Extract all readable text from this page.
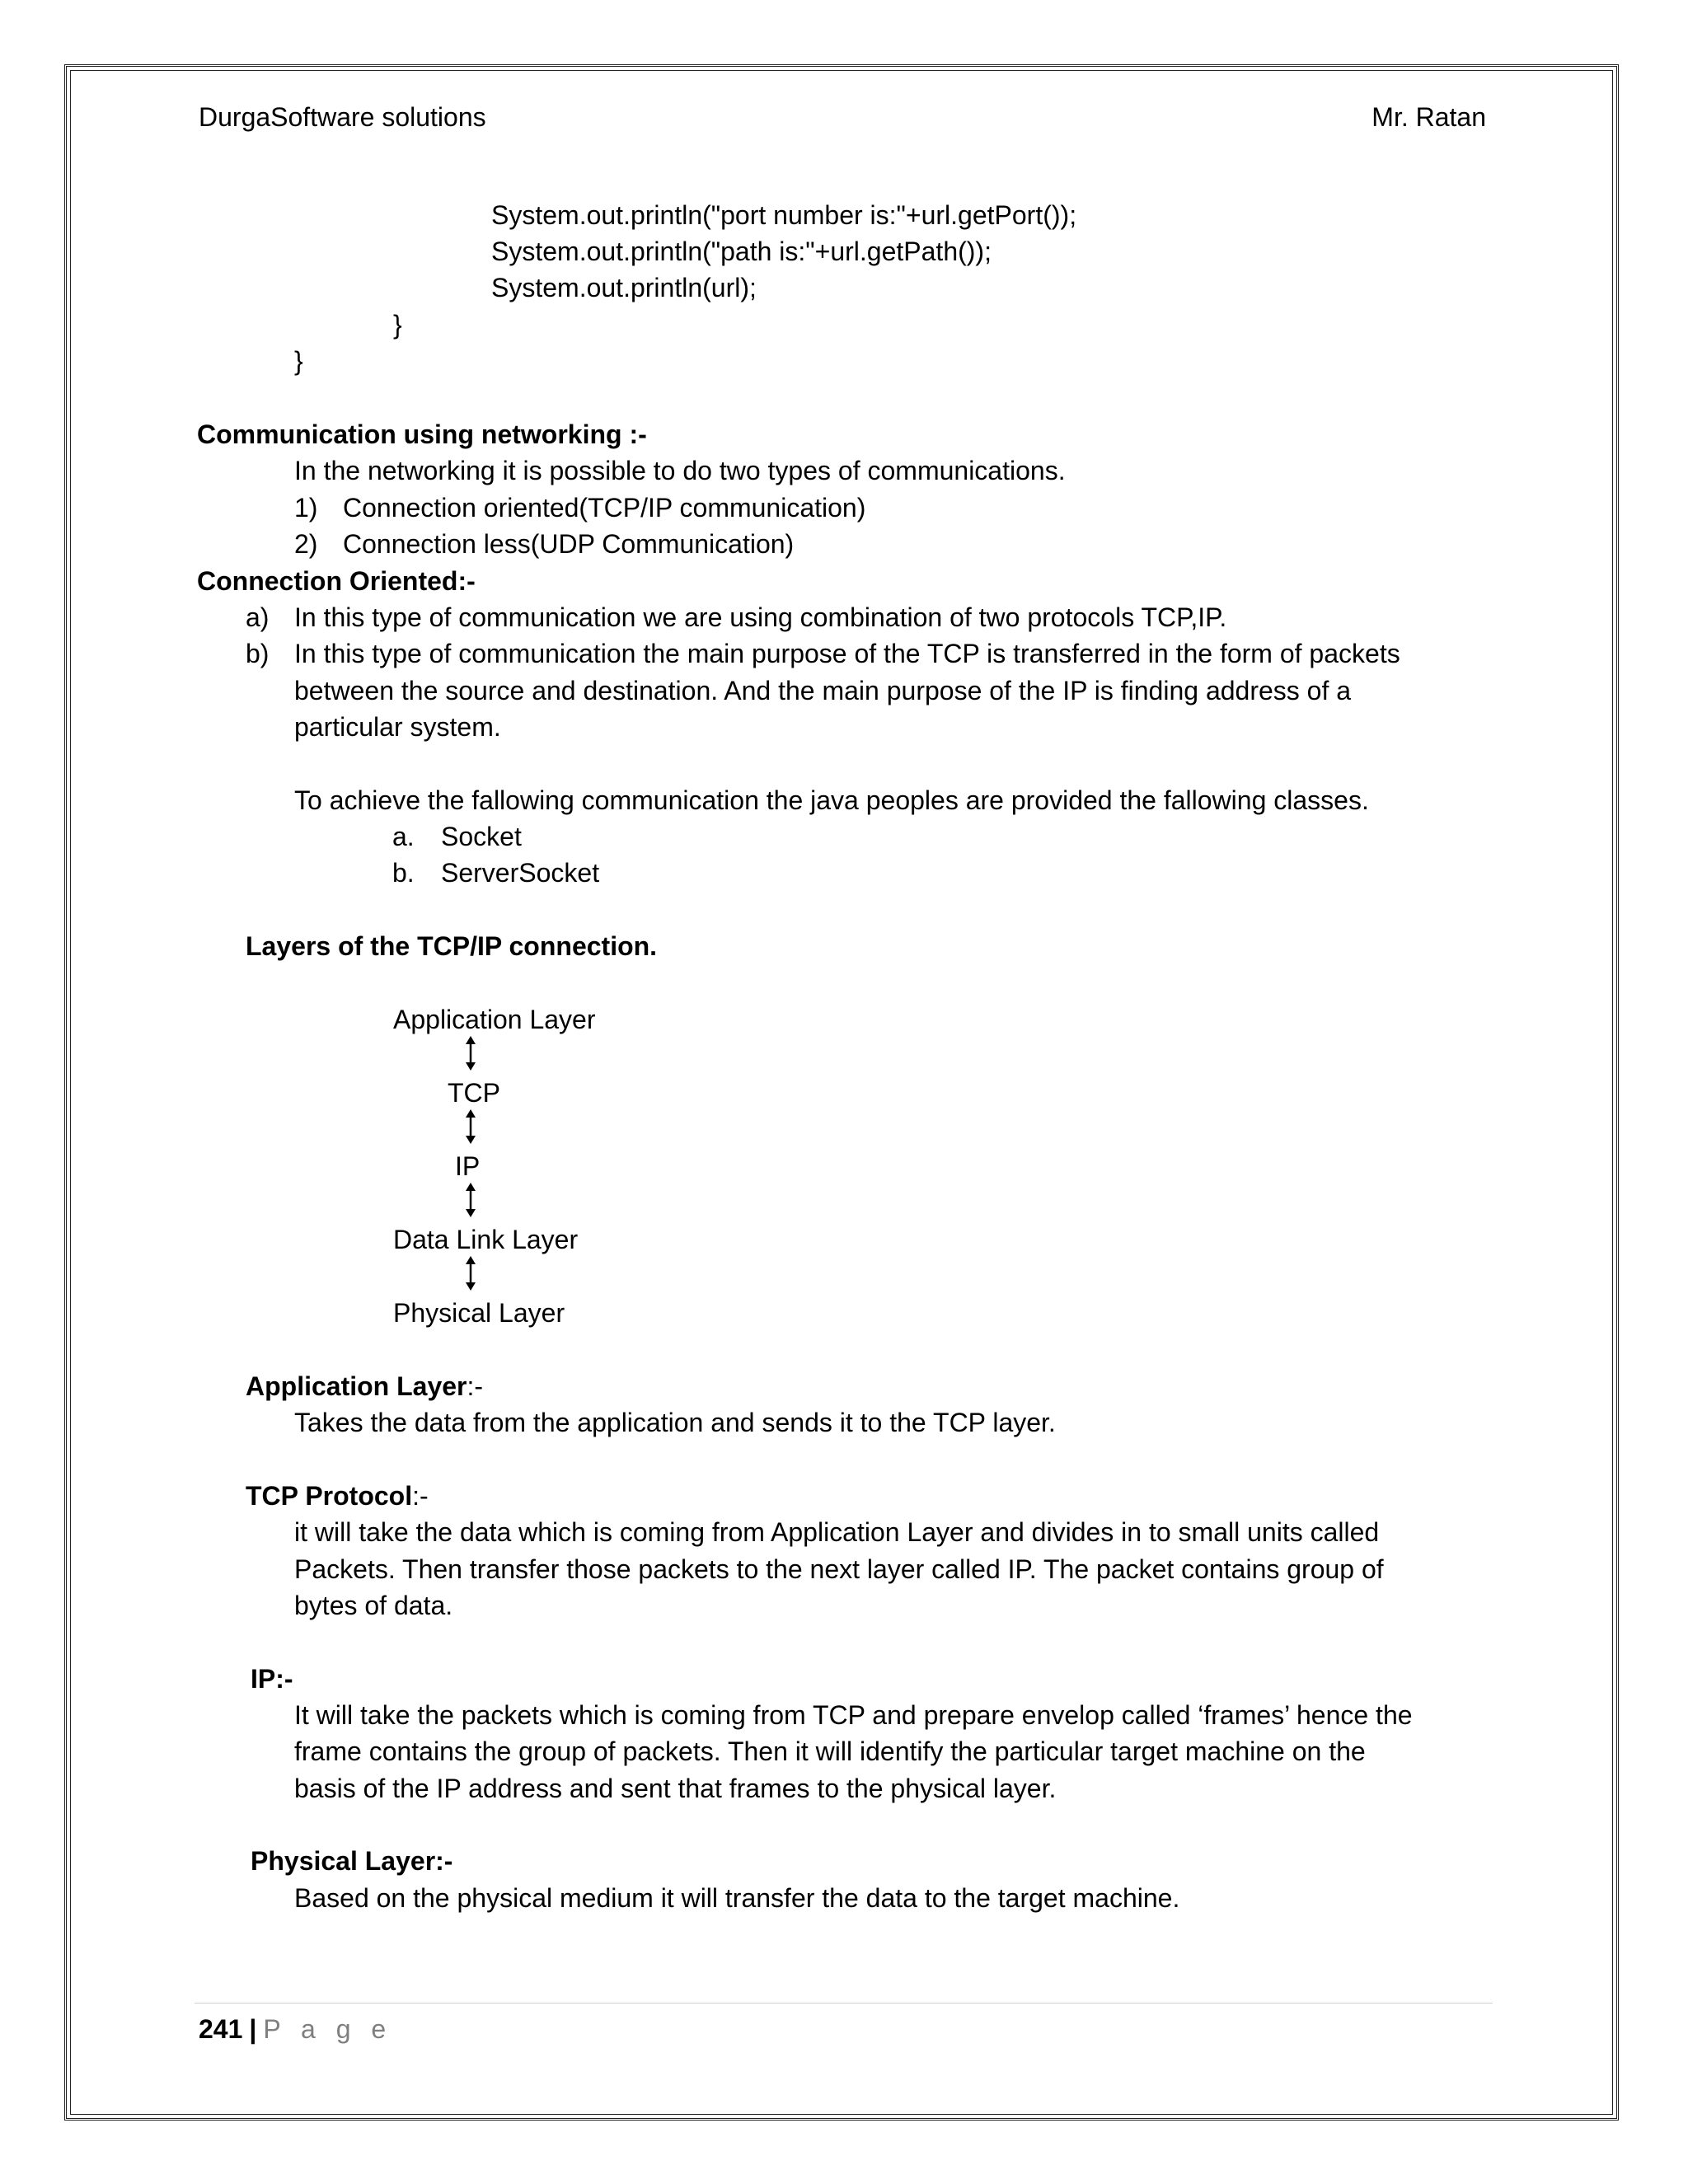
DurgaSoftware solutions	Mr. Ratan
System.out.println("port number is:"+url.getPort());
System.out.println("path is:"+url.getPath());
System.out.println(url);
}
}
Communication using networking :-
In the networking it is possible to do two types of communications.
1) Connection oriented(TCP/IP communication)
2) Connection less(UDP Communication)
Connection Oriented:-
a) In this type of communication we are using combination of two protocols TCP,IP.
b) In this type of communication the main purpose of the TCP is transferred in the form of packets
between the source and destination. And the main purpose of the IP is finding address of a
particular system.
To achieve the fallowing communication the java peoples are provided the fallowing classes.
a. Socket
b. ServerSocket
Layers of the TCP/IP connection.
Application Layer
TCP
IP
Data Link Layer
Physical Layer
Application Layer:-
Takes the data from the application and sends it to the TCP layer.
TCP Protocol:-
it will take the data which is coming from Application Layer and divides in to small units called
Packets. Then transfer those packets to the next layer called IP. The packet contains group of
bytes of data.
IP:-
It will take the packets which is coming from TCP and prepare envelop called ‘frames’ hence the
frame contains the group of packets. Then it will identify the particular target machine on the
basis of the IP address and sent that frames to the physical layer.
Physical Layer:-
Based on the physical medium it will transfer the data to the target machine.
241 | P a g e
